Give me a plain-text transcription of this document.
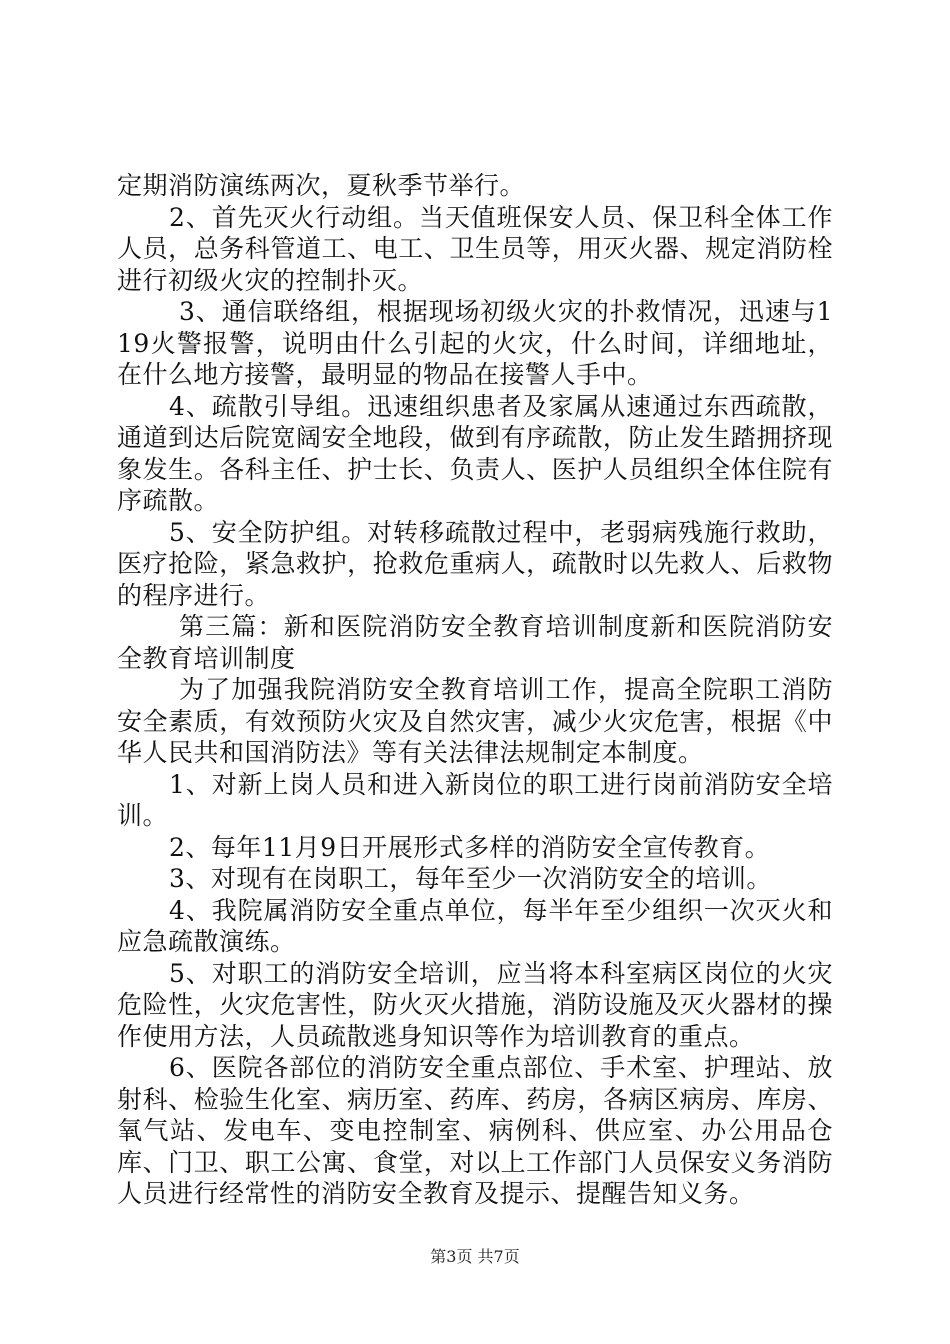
定期消防演练两次，夏秋季节举行。

2、首先灭火行动组。当天值班保安人员、保卫科全体工作人员，总务科管道工、电工、卫生员等，用灭火器、规定消防栓进行初级火灾的控制扑灭。

3、通信联络组，根据现场初级火灾的扑救情况，迅速与119火警报警，说明由什么引起的火灾，什么时间，详细地址，在什么地方接警，最明显的物品在接警人手中。

4、疏散引导组。迅速组织患者及家属从速通过东西疏散，通道到达后院宽阔安全地段，做到有序疏散，防止发生踏拥挤现象发生。各科主任、护士长、负责人、医护人员组织全体住院有序疏散。

5、安全防护组。对转移疏散过程中，老弱病残施行救助，医疗抢险，紧急救护，抢救危重病人，疏散时以先救人、后救物的程序进行。

第三篇：新和医院消防安全教育培训制度新和医院消防安全教育培训制度

为了加强我院消防安全教育培训工作，提高全院职工消防安全素质，有效预防火灾及自然灾害，减少火灾危害，根据《中华人民共和国消防法》等有关法律法规制定本制度。

1、对新上岗人员和进入新岗位的职工进行岗前消防安全培训。

2、每年11月9日开展形式多样的消防安全宣传教育。

3、对现有在岗职工，每年至少一次消防安全的培训。

4、我院属消防安全重点单位，每半年至少组织一次灭火和应急疏散演练。

5、对职工的消防安全培训，应当将本科室病区岗位的火灾危险性，火灾危害性，防火灭火措施，消防设施及灭火器材的操作使用方法，人员疏散逃身知识等作为培训教育的重点。

6、医院各部位的消防安全重点部位、手术室、护理站、放射科、检验生化室、病历室、药库、药房，各病区病房、库房、氧气站、发电车、变电控制室、病例科、供应室、办公用品仓库、门卫、职工公寓、食堂，对以上工作部门人员保安义务消防人员进行经常性的消防安全教育及提示、提醒告知义务。

第3页 共7页
